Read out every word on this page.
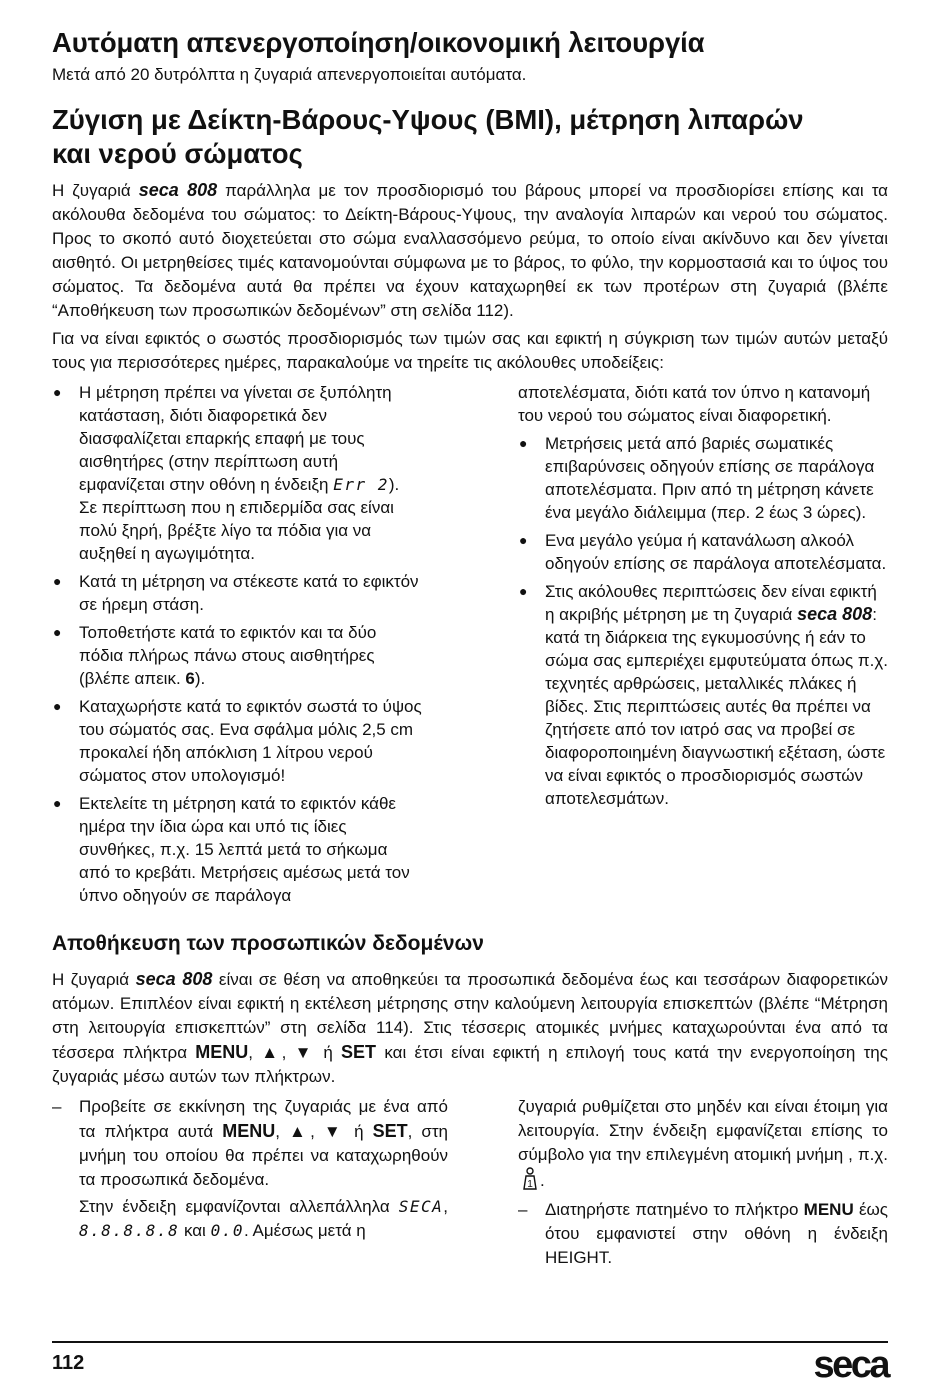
Αυτόματη απενεργοποίηση/οικονομική λειτουργία

Μετά από 20 δυτρόλπτα η ζυγαριά απενεργοποιείται αυτόματα.

Ζύγιση με Δείκτη-Βάρους-Υψους (BMI), μέτρηση λιπαρών
και νερού σώματος

Η ζυγαριά seca 808 παράλληλα με τον προσδιορισμό του βάρους μπορεί να προσδιορίσει επίσης και τα ακόλουθα δεδομένα του σώματος: το Δείκτη-Βάρους-Υψους, την αναλογία λιπαρών και νερού του σώματος. Προς το σκοπό αυτό διοχετεύεται στο σώμα εναλλασσόμενο ρεύμα, το οποίο είναι ακίνδυνο και δεν γίνεται αισθητό. Οι μετρηθείσες τιμές κατανομούνται σύμφωνα με το βάρος, το φύλο, την κορμοστασιά και το ύψος του σώματος. Τα δεδομένα αυτά θα πρέπει να έχουν καταχωρηθεί εκ των προτέρων στη ζυγαριά (βλέπε “Αποθήκευση των προσωπικών δεδομένων” στη σελίδα 112).

Για να είναι εφικτός ο σωστός προσδιορισμός των τιμών σας και εφικτή η σύγκριση των τιμών αυτών μεταξύ τους για περισσότερες ημέρες, παρακαλούμε να τηρείτε τις ακόλουθες υποδείξεις:

● Η μέτρηση πρέπει να γίνεται σε ξυπόλητη κατάσταση, διότι διαφορετικά δεν διασφαλίζεται επαρκής επαφή με τους αισθητήρες (στην περίπτωση αυτή εμφανίζεται στην οθόνη η ένδειξη Err 2). Σε περίπτωση που η επιδερμίδα σας είναι πολύ ξηρή, βρέξτε λίγο τα πόδια για να αυξηθεί η αγωγιμότητα.
● Κατά τη μέτρηση να στέκεστε κατά το εφικτόν σε ήρεμη στάση.
● Τοποθετήστε κατά το εφικτόν και τα δύο πόδια πλήρως πάνω στους αισθητήρες (βλέπε απεικ. 6).
● Καταχωρήστε κατά το εφικτόν σωστά το ύψος του σώματός σας. Ενα σφάλμα μόλις 2,5 cm προκαλεί ήδη απόκλιση 1 λίτρου νερού σώματος στον υπολογισμό!
● Εκτελείτε τη μέτρηση κατά το εφικτόν κάθε ημέρα την ίδια ώρα και υπό τις ίδιες συνθήκες, π.χ. 15 λεπτά μετά το σήκωμα από το κρεβάτι. Μετρήσεις αμέσως μετά τον ύπνο οδηγούν σε παράλογα
αποτελέσματα, διότι κατά τον ύπνο η κατανομή του νερού του σώματος είναι διαφορετική.
● Μετρήσεις μετά από βαριές σωματικές επιβαρύνσεις οδηγούν επίσης σε παράλογα αποτελέσματα. Πριν από τη μέτρηση κάνετε ένα μεγάλο διάλειμμα (περ. 2 έως 3 ώρες).
● Ενα μεγάλο γεύμα ή κατανάλωση αλκοόλ οδηγούν επίσης σε παράλογα αποτελέσματα.
● Στις ακόλουθες περιπτώσεις δεν είναι εφικτή η ακριβής μέτρηση με τη ζυγαριά seca 808: κατά τη διάρκεια της εγκυμοσύνης ή εάν το σώμα σας εμπεριέχει εμφυτεύματα όπως π.χ. τεχνητές αρθρώσεις, μεταλλικές πλάκες ή βίδες. Στις περιπτώσεις αυτές θα πρέπει να ζητήσετε από τον ιατρό σας να προβεί σε διαφοροποιημένη διαγνωστική εξέταση, ώστε να είναι εφικτός ο προσδιορισμός σωστών αποτελεσμάτων.
Αποθήκευση των προσωπικών δεδομένων

Η ζυγαριά seca 808 είναι σε θέση να αποθηκεύει τα προσωπικά δεδομένα έως και τεσσάρων διαφορετικών ατόμων. Επιπλέον είναι εφικτή η εκτέλεση μέτρησης στην καλούμενη λειτουργία επισκεπτών (βλέπε “Μέτρηση στη λειτουργία επισκεπτών” στη σελίδα 114). Στις τέσσερις ατομικές μνήμες καταχωρούνται ένα από τα τέσσερα πλήκτρα MENU, ▲, ▼ ή SET και έτσι είναι εφικτή η επιλογή τους κατά την ενεργοποίηση της ζυγαριάς μέσω αυτών των πλήκτρων.

– Προβείτε σε εκκίνηση της ζυγαριάς με ένα από τα πλήκτρα αυτά MENU, ▲, ▼ ή SET, στη μνήμη του οποίου θα πρέπει να καταχωρηθούν τα προσωπικά δεδομένα.
Στην ένδειξη εμφανίζονται αλλεπάλληλα SECA, 8.8.8.8.8 και 0.0. Αμέσως μετά η

ζυγαριά ρυθμίζεται στο μηδέν και είναι έτοιμη για λειτουργία. Στην ένδειξη εμφανίζεται επίσης το σύμβολο για την επιλεγμένη ατομική μνήμη , π.χ.
1 .

– Διατηρήστε πατημένο το πλήκτρο MENU έως ότου εμφανιστεί στην οθόνη η ένδειξη HEIGHT.
112	seca
